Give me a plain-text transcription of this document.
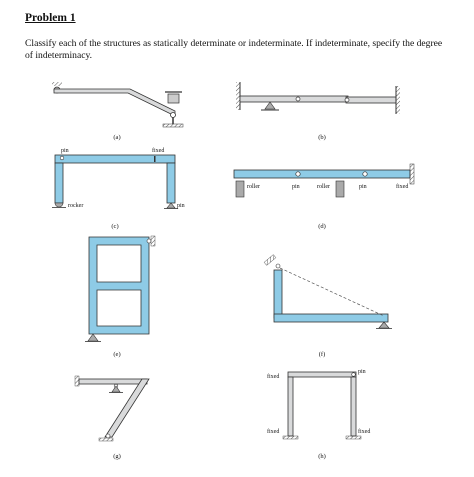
Problem 1
Classify each of the structures as statically determinate or indeterminate. If indeterminate, specify the degree of indeterminacy.
(a)	(b)
pin	fixed
rocker	pin
(c)
roller	pin	roller	pin	fixed
(d)
(e)	(f)
(g)
fixed
pin
fixed	fixed
(h)
